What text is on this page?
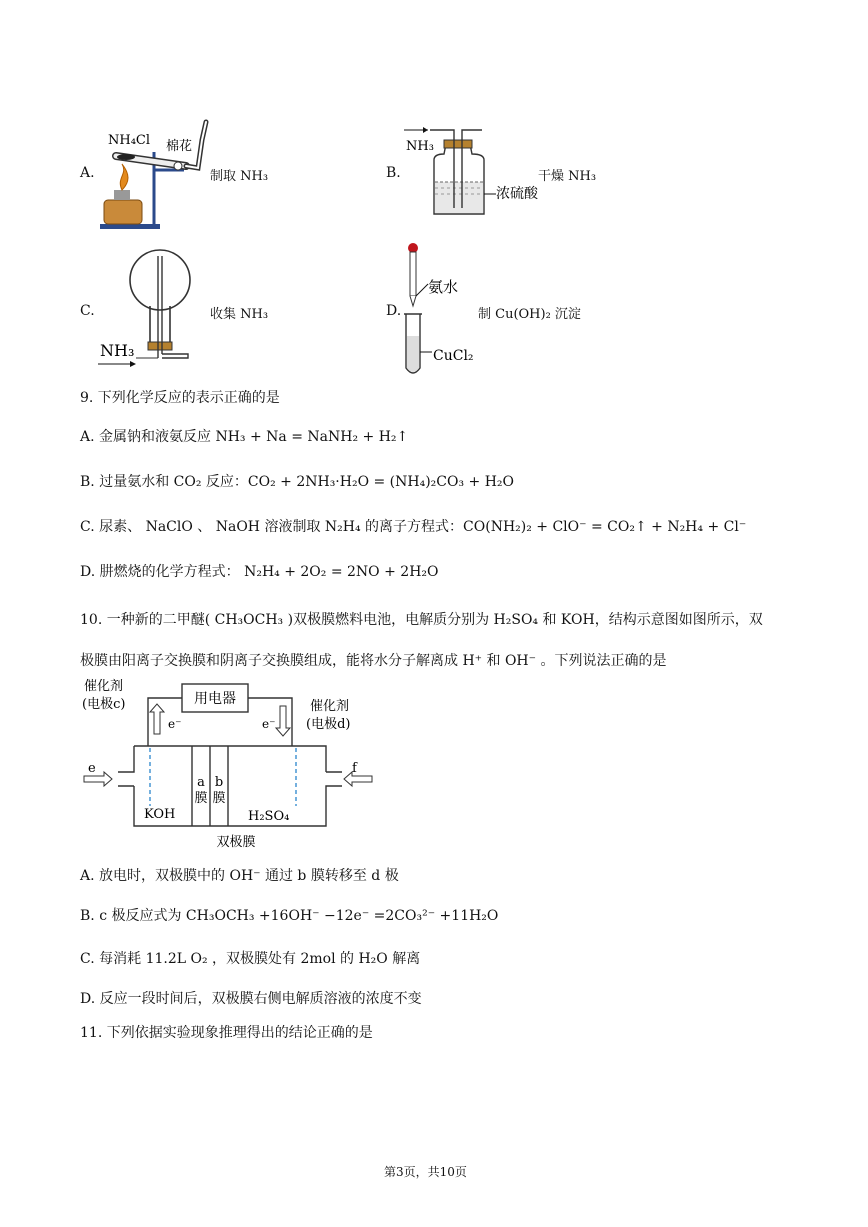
A.
NH₄Cl 棉花
制取 NH₃	B.
NH₃
浓硫酸
干燥 NH₃
C.
NH₃
收集 NH₃	D.
氨水
CuCl₂
制 Cu(OH)₂ 沉淀
9. 下列化学反应的表示正确的是
A. 金属钠和液氨反应 NH₃ + Na = NaNH₂ + H₂↑
B. 过量氨水和 CO₂ 反应：CO₂ + 2NH₃·H₂O = (NH₄)₂CO₃ + H₂O
C. 尿素、 NaClO 、 NaOH 溶液制取 N₂H₄ 的离子方程式：CO(NH₂)₂ + ClO⁻ = CO₂↑ + N₂H₄ + Cl⁻
D. 肼燃烧的化学方程式： N₂H₄ + 2O₂ = 2NO + 2H₂O
10. 一种新的二甲醚( CH₃OCH₃ )双极膜燃料电池，电解质分别为 H₂SO₄ 和 KOH，结构示意图如图所示，双
极膜由阳离子交换膜和阴离子交换膜组成，能将水分子解离成 H⁺ 和 OH⁻ 。下列说法正确的是
用电器
e⁻	e⁻
a
膜
b
膜
KOH	H₂SO₄
双极膜
e	f
催化剂
(电极c)	催化剂
(电极d)
A. 放电时，双极膜中的 OH⁻ 通过 b 膜转移至 d 极
B. c 极反应式为 CH₃OCH₃ +16OH⁻ −12e⁻ =2CO₃²⁻ +11H₂O
C. 每消耗 11.2L O₂ ，双极膜处有 2mol 的 H₂O 解离
D. 反应一段时间后，双极膜右侧电解质溶液的浓度不变
11. 下列依据实验现象推理得出的结论正确的是
第3页，共10页
